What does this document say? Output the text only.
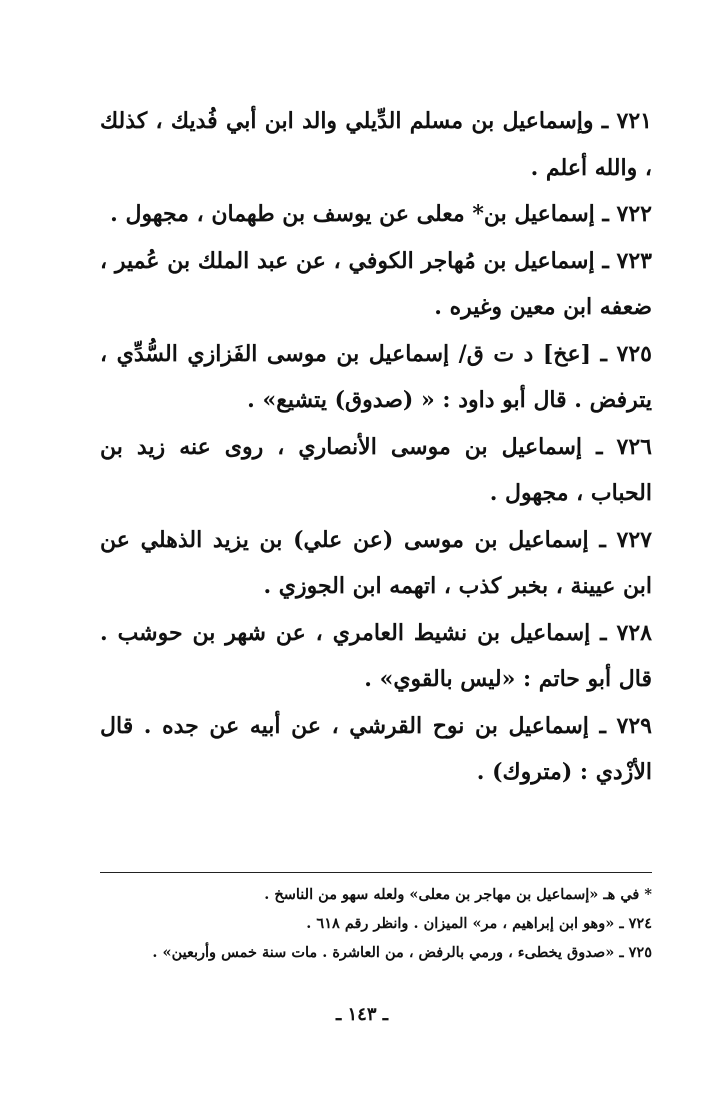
٧٢١ ـ وإسماعيل بن مسلم الدِّيلي والد ابن أبي فُديك ، كذلك ، والله أعلم .

٧٢٢ ـ إسماعيل بن* معلى عن يوسف بن طهمان ، مجهول .

٧٢٣ ـ إسماعيل بن مُهاجر الكوفي ، عن عبد الملك بن عُمير ، ضعفه ابن معين وغيره .

٧٢٥ ـ [عخ] د ت ق/ إسماعيل بن موسى الفَزازي السُّدِّي ، يترفض . قال أبو داود : « (صدوق) يتشيع» .

٧٢٦ ـ إسماعيل بن موسى الأنصاري ، روى عنه زيد بن الحباب ، مجهول .

٧٢٧ ـ إسماعيل بن موسى (عن علي) بن يزيد الذهلي عن ابن عيينة ، بخبر كذب ، اتهمه ابن الجوزي .

٧٢٨ ـ إسماعيل بن نشيط العامري ، عن شهر بن حوشب . قال أبو حاتم : «ليس بالقوي» .

٧٢٩ ـ إسماعيل بن نوح القرشي ، عن أبيه عن جده . قال الأزْدي : (متروك) .

* في هـ «إسماعيل بن مهاجر بن معلى» ولعله سهو من الناسخ .

٧٢٤ ـ «وهو ابن إبراهيم ، مر» الميزان . وانظر رقم ٦١٨ .

٧٢٥ ـ «صدوق يخطىء ، ورمي بالرفض ، من العاشرة . مات سنة خمس وأربعين» .

ـ ١٤٣ ـ
